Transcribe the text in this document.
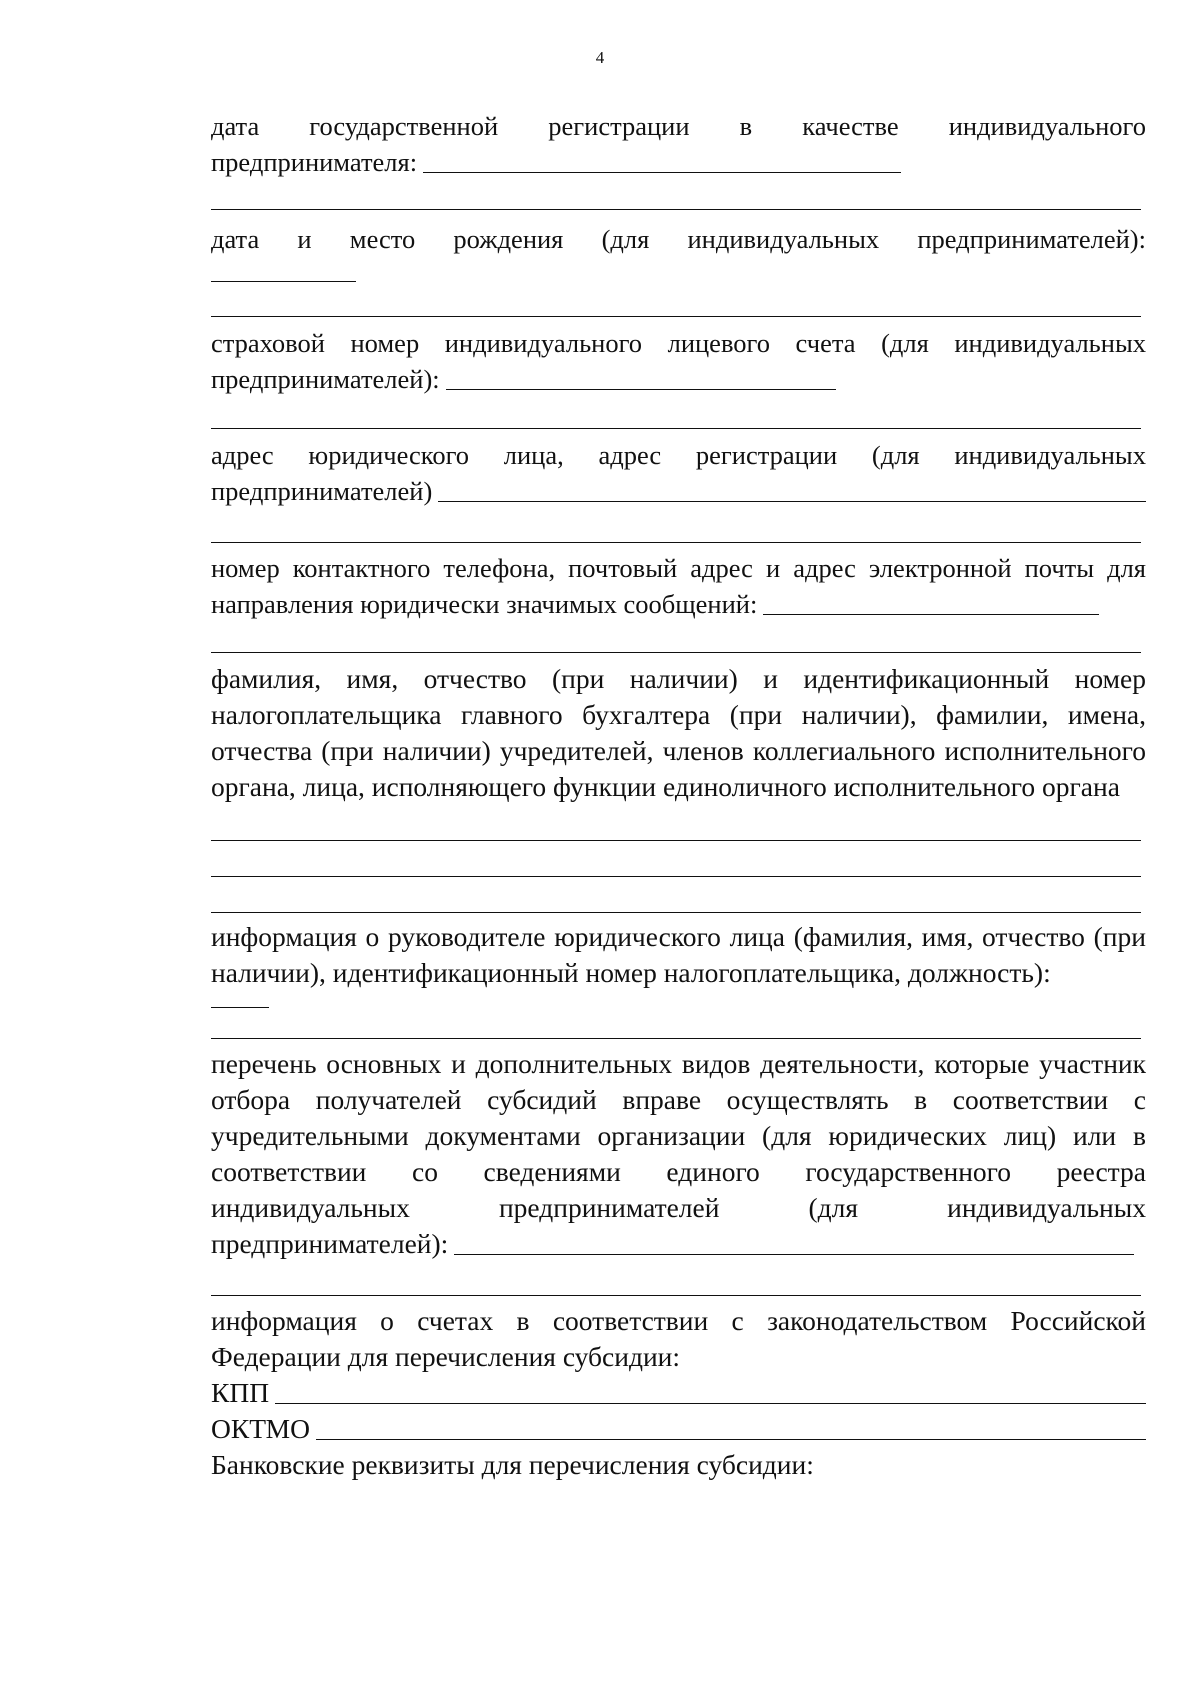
4
дата государственной регистрации в качестве индивидуального
предпринимателя:
дата и место рождения (для индивидуальных предпринимателей):
страховой номер индивидуального лицевого счета (для индивидуальных
предпринимателей):
адрес юридического лица, адрес регистрации (для индивидуальных
предпринимателей)
номер контактного телефона, почтовый адрес и адрес электронной почты для
направления юридически значимых сообщений:
фамилия, имя, отчество (при наличии) и идентификационный номер налогоплательщика главного бухгалтера (при наличии), фамилии, имена, отчества (при наличии) учредителей, членов коллегиального исполнительного органа, лица, исполняющего функции единоличного исполнительного органа
информация о руководителе юридического лица (фамилия, имя, отчество (при наличии), идентификационный номер налогоплательщика, должность):
перечень основных и дополнительных видов деятельности, которые участник отбора получателей субсидий вправе осуществлять в соответствии с учредительными документами организации (для юридических лиц) или в соответствии со сведениями единого государственного реестра индивидуальных предпринимателей (для индивидуальных
предпринимателей):
информация о счетах в соответствии с законодательством Российской Федерации для перечисления субсидии:
КПП
ОКТМО
Банковские реквизиты для перечисления субсидии:
